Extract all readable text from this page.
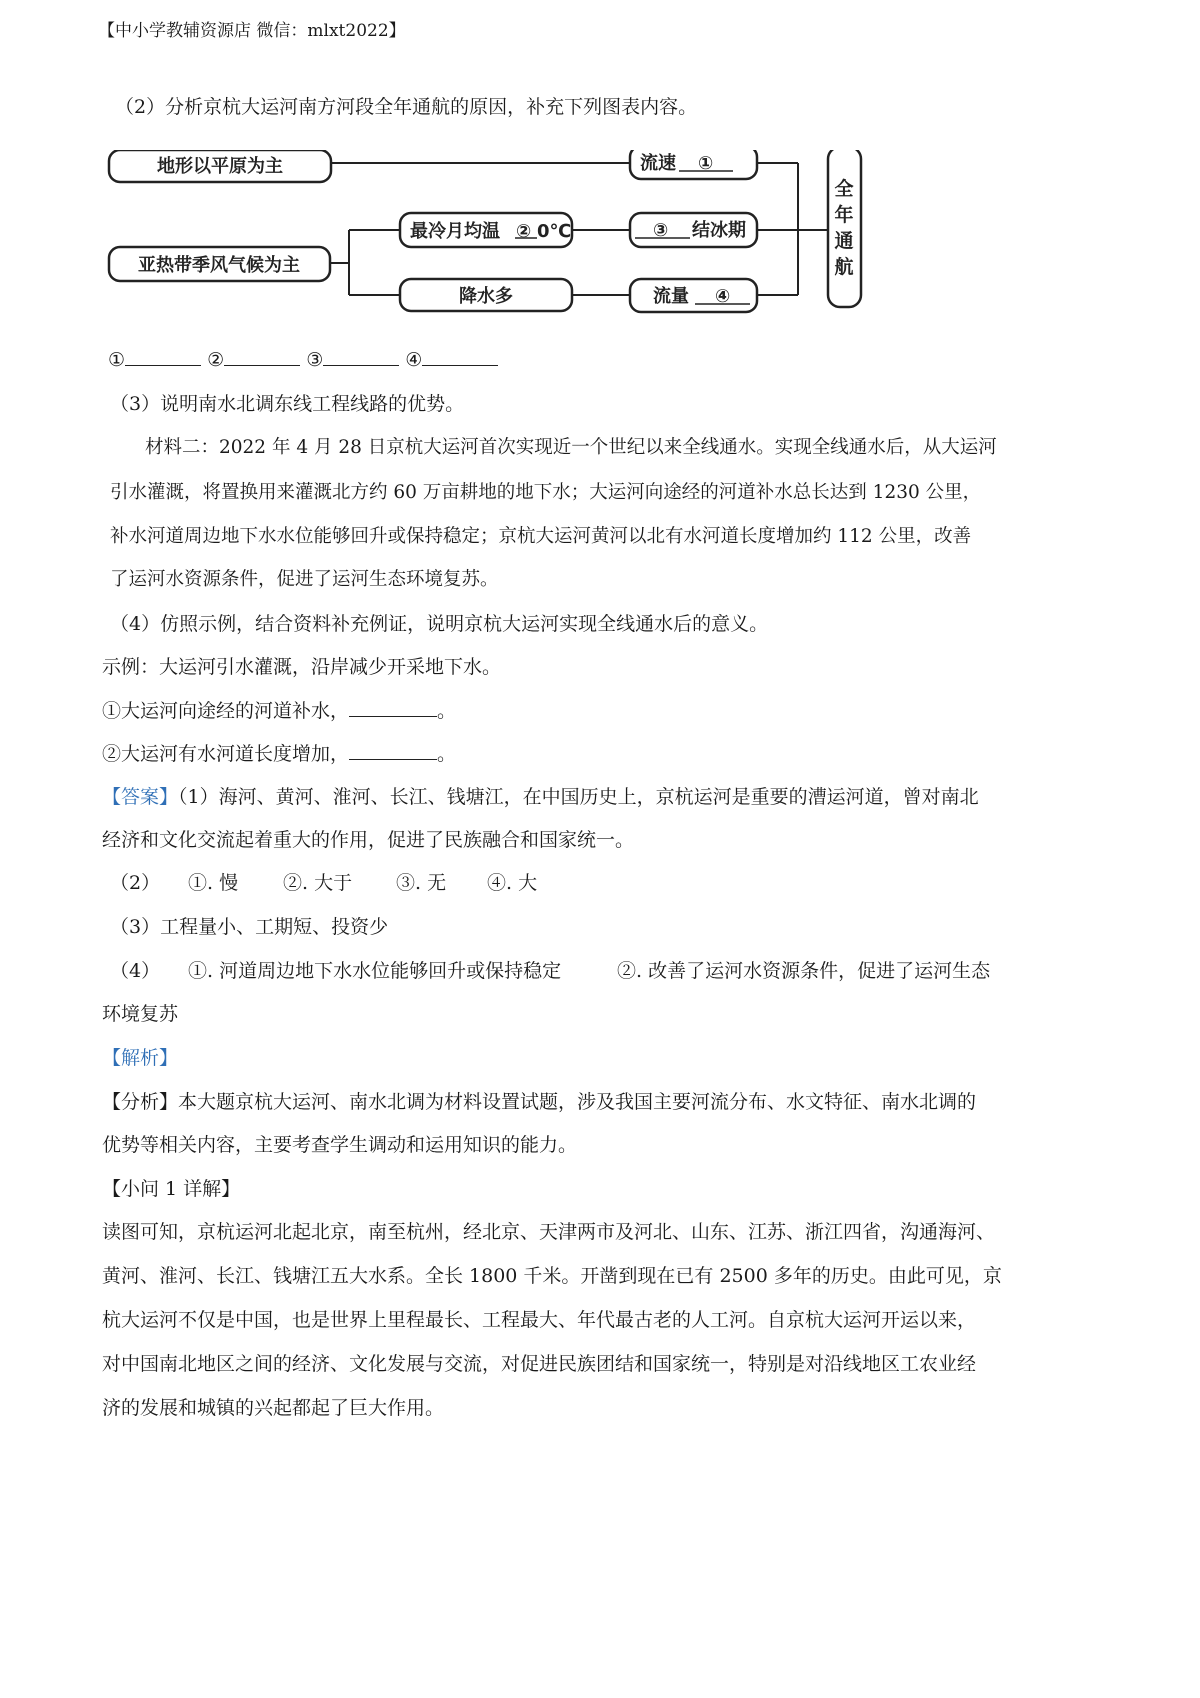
【中小学教辅资源店 微信：mlxt2022】
（2）分析京杭大运河南方河段全年通航的原因，补充下列图表内容。
地形以平原为主
亚热带季风气候为主
最冷月均温 ② 0℃
降水多
流速 ①
③ 结冰期
流量 ④
全
年
通
航
①	②	③	④
（3）说明南水北调东线工程线路的优势。
材料二：2022 年 4 月 28 日京杭大运河首次实现近一个世纪以来全线通水。实现全线通水后，从大运河
引水灌溉，将置换用来灌溉北方约 60 万亩耕地的地下水；大运河向途经的河道补水总长达到 1230 公里，
补水河道周边地下水水位能够回升或保持稳定；京杭大运河黄河以北有水河道长度增加约 112 公里，改善
了运河水资源条件，促进了运河生态环境复苏。
（4）仿照示例，结合资料补充例证，说明京杭大运河实现全线通水后的意义。
示例：大运河引水灌溉，沿岸减少开采地下水。
①大运河向途经的河道补水，	。
②大运河有水河道长度增加，	。
【答案】（1）海河、黄河、淮河、长江、钱塘江，在中国历史上，京杭运河是重要的漕运河道，曾对南北
经济和文化交流起着重大的作用，促进了民族融合和国家统一。
（2） ①. 慢 ②. 大于 ③. 无 ④. 大
（3）工程量小、工期短、投资少
（4） ①. 河道周边地下水水位能够回升或保持稳定	②. 改善了运河水资源条件，促进了运河生态
环境复苏
【解析】
【分析】本大题京杭大运河、南水北调为材料设置试题，涉及我国主要河流分布、水文特征、南水北调的
优势等相关内容，主要考查学生调动和运用知识的能力。
【小问 1 详解】
读图可知，京杭运河北起北京，南至杭州，经北京、天津两市及河北、山东、江苏、浙江四省，沟通海河、
黄河、淮河、长江、钱塘江五大水系。全长 1800 千米。开凿到现在已有 2500 多年的历史。由此可见，京
杭大运河不仅是中国，也是世界上里程最长、工程最大、年代最古老的人工河。自京杭大运河开运以来，
对中国南北地区之间的经济、文化发展与交流，对促进民族团结和国家统一，特别是对沿线地区工农业经
济的发展和城镇的兴起都起了巨大作用。
